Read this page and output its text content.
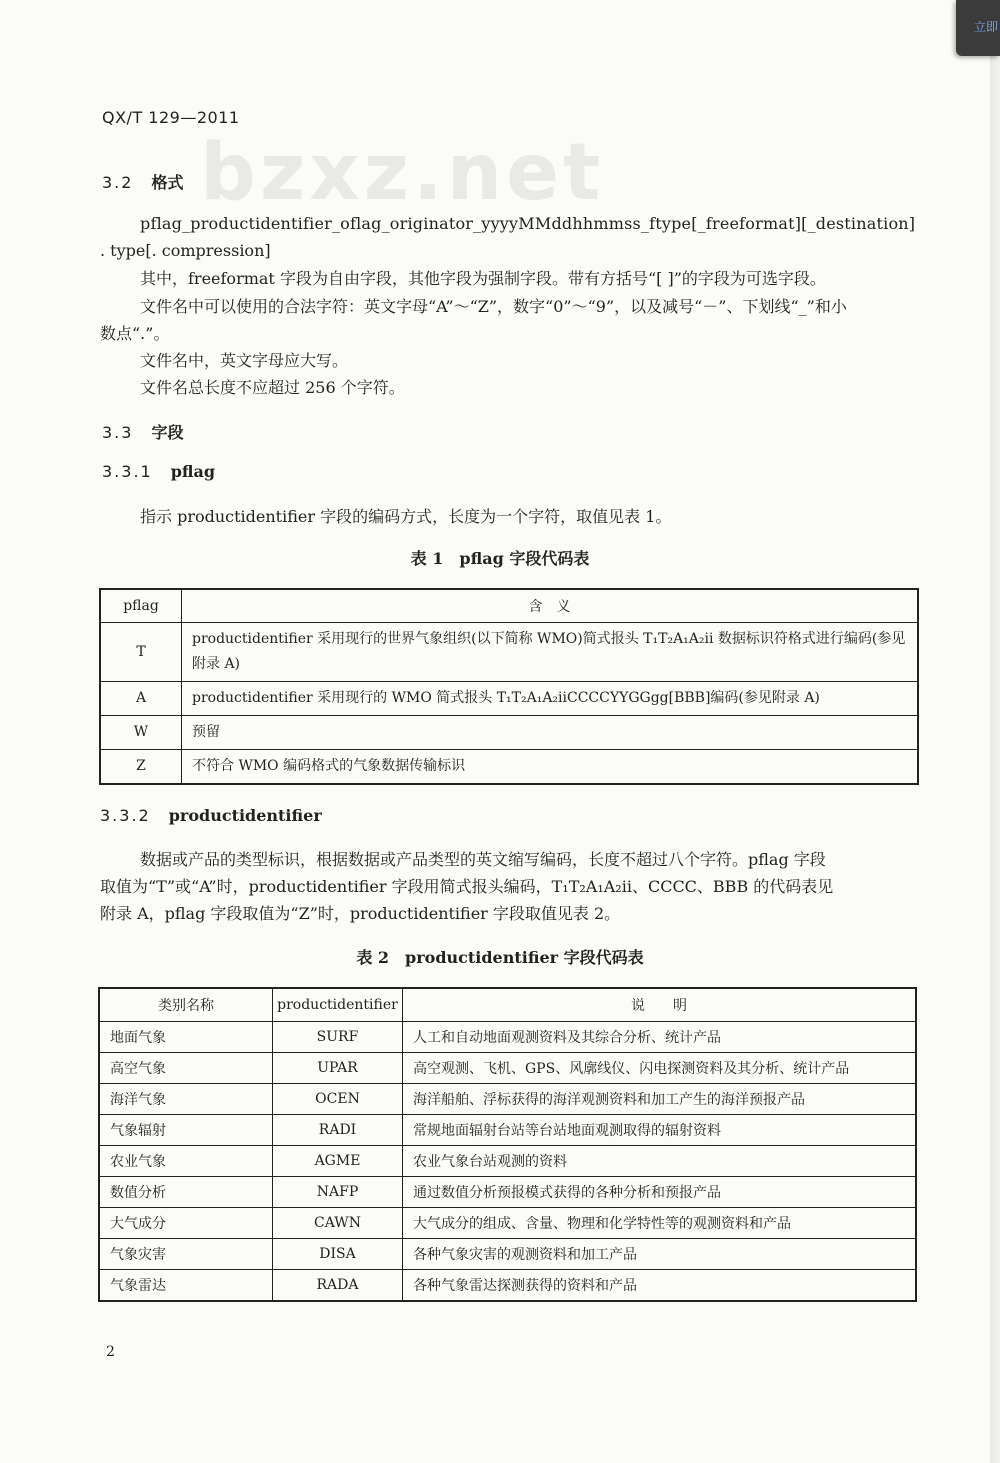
立即
QX/T 129—2011
bzxz.net
3.2 格式
pflag_productidentifier_oflag_originator_yyyyMMddhhmmss_ftype[_freeformat][_destination]
. type[. compression]
其中，freeformat 字段为自由字段，其他字段为强制字段。带有方括号“[ ]”的字段为可选字段。
文件名中可以使用的合法字符：英文字母“A”～“Z”，数字“0”～“9”，以及减号“－”、下划线“_”和小
数点“.”。
文件名中，英文字母应大写。
文件名总长度不应超过 256 个字符。
3.3 字段
3.3.1 pflag
指示 productidentifier 字段的编码方式，长度为一个字符，取值见表 1。
表 1　pflag 字段代码表
pflag	含　义
T	productidentifier 采用现行的世界气象组织(以下简称 WMO)简式报头 T₁T₂A₁A₂ii 数据标识符格式进行编码(参见附录 A)
A	productidentifier 采用现行的 WMO 简式报头 T₁T₂A₁A₂iiCCCCYYGGgg[BBB]编码(参见附录 A)
W	预留
Z	不符合 WMO 编码格式的气象数据传输标识
3.3.2 productidentifier
数据或产品的类型标识，根据数据或产品类型的英文缩写编码，长度不超过八个字符。pflag 字段
取值为“T”或“A”时，productidentifier 字段用简式报头编码，T₁T₂A₁A₂ii、CCCC、BBB 的代码表见
附录 A，pflag 字段取值为“Z”时，productidentifier 字段取值见表 2。
表 2　productidentifier 字段代码表
类别名称	productidentifier	说　　明
地面气象	SURF	人工和自动地面观测资料及其综合分析、统计产品
高空气象	UPAR	高空观测、飞机、GPS、风廓线仪、闪电探测资料及其分析、统计产品
海洋气象	OCEN	海洋船舶、浮标获得的海洋观测资料和加工产生的海洋预报产品
气象辐射	RADI	常规地面辐射台站等台站地面观测取得的辐射资料
农业气象	AGME	农业气象台站观测的资料
数值分析	NAFP	通过数值分析预报模式获得的各种分析和预报产品
大气成分	CAWN	大气成分的组成、含量、物理和化学特性等的观测资料和产品
气象灾害	DISA	各种气象灾害的观测资料和加工产品
气象雷达	RADA	各种气象雷达探测获得的资料和产品
2
